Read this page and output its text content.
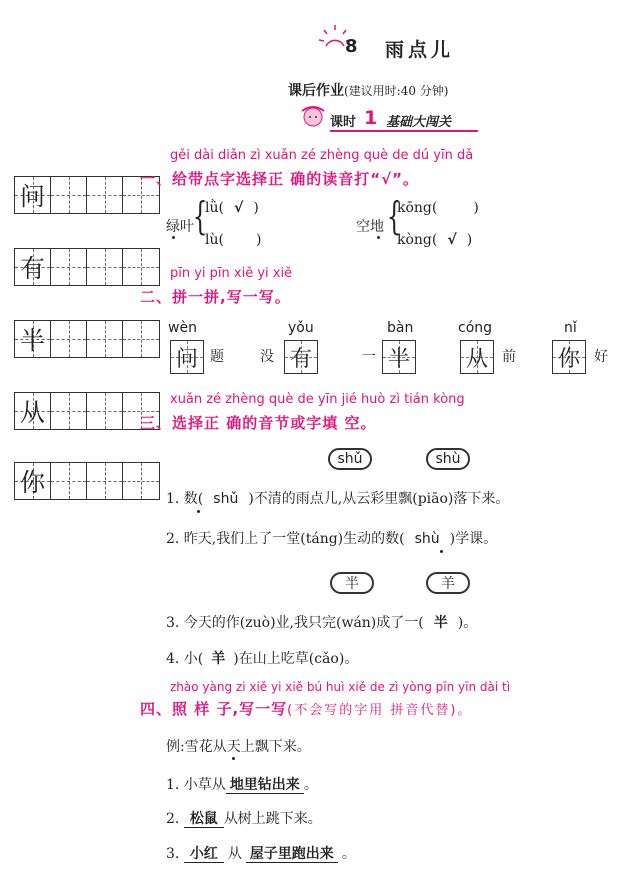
8 雨点儿
课后作业(建议用时:40 分钟)
课时 1 基础大闯关
问
有
半
从
你
gěi dài diǎn zì xuǎn zé zhèng què de dú yīn dǎ
一、给带点字选择正 确的读音打“√”。
绿叶
{
lǜ( √ )
lù( )
空地 {
kōng(	)
kòng( √ )
pīn yi pīn xiě yi xiě
二、拼一拼,写一写。
wèn
问 题	没
yǒu
有	一
bàn
半
cóng
从	前
nǐ
你	好
xuǎn zé zhèng què de yīn jié huò zì tián kòng
三、选择正 确的音节或字填 空。
shǔ	shù
1. 数( shǔ )不清的雨点儿,从云彩里飘(piāo)落下来。
2. 昨天,我们上了一堂(táng)生动的数( shù )学课。
半	羊
3. 今天的作(zuò)业,我只完(wán)成了一( 半 )。
4. 小( 羊 )在山上吃草(cǎo)。
zhào yàng zi xiě yi xiě bú huì xiě de zì yòng pīn yīn dài tì
四、照 样 子,写一写(不会写的字用 拼音代替)。
例:雪花从天上飘下来。
1. 小草从 地里钻出来 。
2. 松鼠 从树上跳下来。
3. 小红 从 屋子里跑出来 。
